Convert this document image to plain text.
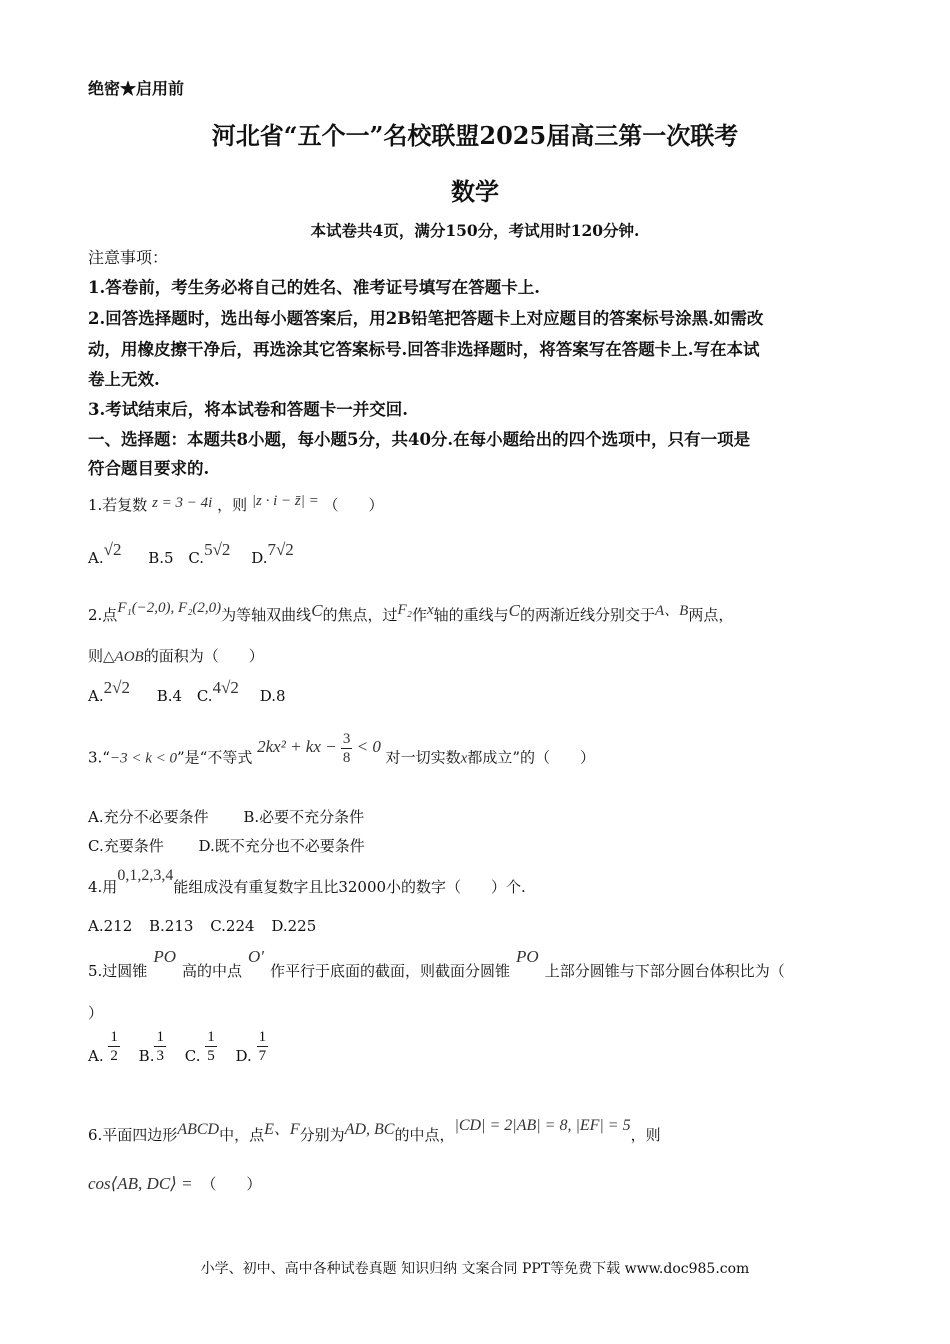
绝密★启用前
河北省“五个一”名校联盟2025届高三第一次联考
数学
本试卷共4页，满分150分，考试用时120分钟.
注意事项：
1.答卷前，考生务必将自己的姓名、准考证号填写在答题卡上.
2.回答选择题时，选出每小题答案后，用2B铅笔把答题卡上对应题目的答案标号涂黑.如需改
动，用橡皮擦干净后，再选涂其它答案标号.回答非选择题时，将答案写在答题卡上.写在本试
卷上无效.
3.考试结束后，将本试卷和答题卡一并交回.
一、选择题：本题共8小题，每小题5分，共40分.在每小题给出的四个选项中，只有一项是
符合题目要求的.
1.若复数 z = 3 − 4i ，则 |z · i − z̄| = （　　）
A.√2 B.5 C.5√2 D.7√2
2.点F₁(−2,0), F₂(2,0)为等轴双曲线C的焦点，过F₂作x轴的重线与C的两渐近线分别交于A、B两点，
则△AOB的面积为（　　）
A.2√2 B.4 C.4√2 D.8
3.“−3 < k < 0”是“不等式 2kx² + kx − $\frac{3}{8} < 0$ 对一切实数x都成立”的（　　）
A.充分不必要条件 B.必要不充分条件
C.充要条件 D.既不充分也不必要条件
4.用0,1,2,3,4能组成没有重复数字且比32000小的数字（　　）个.
A.212 B.213 C.224 D.225
5.过圆锥PO高的中点O′作平行于底面的截面，则截面分圆锥PO上部分圆锥与下部分圆台体积比为（
）
A. $\frac{1}{2} B$. $\frac{1}{3} C$. $\frac{1}{5} D$. $\frac{1}{7}$
6.平面四边形ABCD中，点E、F分别为AD, BC的中点，|CD| = 2|AB| = 8, |EF| = 5，则
cos⟨AB, DC⟩ = （　　）
小学、初中、高中各种试卷真题 知识归纳 文案合同 PPT等免费下载 www.doc985.com
